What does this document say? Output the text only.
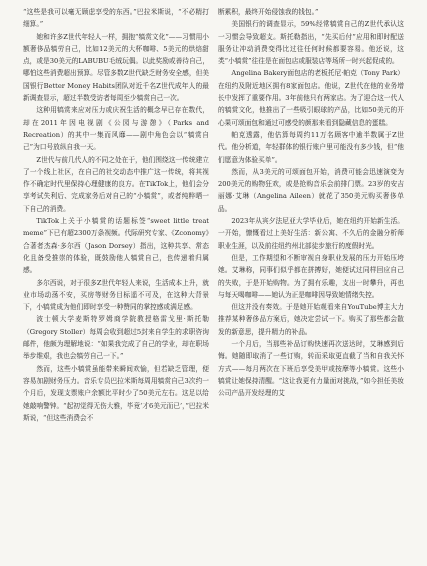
“这些是我可以毫无顾虑享受的东西。”巴拉米斯说，“不必精打细算。”

她和许多Z世代年轻人一样，拥抱“犒赏文化”——习惯用小额奢侈品犒劳自己，比如12美元的大杯咖啡、5美元的烘焙甜点，或是30美元的LABUBU毛绒玩偶。以此奖励或善待自己，哪怕这些消费超出预算。尽管多数Z世代缺乏财务安全感，但美国银行Better Money Habits团队对近千名Z世代成年人的最新调查显示，超过半数受访者每周至少犒赏自己一次。

这种用犒赏来应对压力或庆祝生活的概念早已存在数代，却在2011年因电视剧《公园与游憩》（Parks and Recreation）的其中一集而风靡——剧中角色会以“犒赏自己”为口号放纵自我一天。

Z世代与前几代人的不同之处在于，他们围绕这一传统建立了一个线上社区，在自己的社交动态中推广这一传统，将其视作不确定时代里保持心理健康的良方。在TikTok上，他们会分享考试失利后、完成家务后对自己的“小犒赏”，或者纯粹晒一下自己的消费。

TikTok上关于小犒赏的话题标签“sweet little treat meme”下已有超2300万条视频。代际研究专家、《Zconomy》合著者杰森·多尔西（Jason Dorsey）指出，这种共享、常态化且备受推崇的体验，既鼓励他人犒赏自己，也传递着归属感。

多尔西说，对于很多Z世代年轻人来说，生活成本上升，就业市场动荡不安，买房等财务目标遥不可及，在这种大背景下，小犒赏成为他们即时享受一种赞同的掌控感或满足感。

波士顿大学麦斯特罗姆商学院教授格雷戈里·斯托勒（Gregory Stoller）每周会收到超过5封来自学生的求职咨询邮件，他颇为理解地说：“如果我完成了自己的学业，却在职场举步维艰，我也会犒劳自己一下。”

然而，这些小犒赏虽能带来瞬间欢愉，但若缺乏管理，便容易加剧财务压力。音乐专员巴拉米斯每周用犒赏自己3次约一个月后，发现支票账户余额比平时少了50美元左右。这足以给她敲响警钟。“起初觉得无伤大雅，毕竟‘才6美元而已’，”巴拉米斯说，“但这些消费会不

断累积，最终开始侵蚀我的钱包。”

美国银行的调查显示，59%经常犒赏自己的Z世代承认这一习惯会导致超支。斯托勒指出，“先买后付”应用和即时配送服务让冲动消费变得比过往任何时候都要容易。他还说，这类“小犒赏”往往是在面包店或服装店等场所一时兴起促成的。

Angelina Bakery面包店的老板托尼·帕克（Tony Park）在纽约及附近地区拥有8家面包店。他说，Z世代在他的业务增长中发挥了重要作用。3年前他只有两家店。为了迎合这一代人的犒赏文化，他推出了一些吸引眼球的产品，比如50美元的开心果可颂面包和通过可感受的颜那来看到隐藏信息的蛋糕。

帕克透露，他估算每周约11万名顾客中逾半数属于Z世代。他分析道，年轻群体的银行账户里可能没有多少钱，但“他们愿意为体验买单”。

然而，从3美元的可颂面包开始，消费可能会迅速演变为200美元的购物狂欢，或是抢购音乐会前排门票。23岁的安吉丽娜·艾琳（Angelina Aileen）就花了350美元购买奢侈单品。

2023年从宾夕法尼亚大学毕业后，她在纽约开始新生活。一开始，慷慨看过上美好生活：新公寓、不久后的金融分析师职业生涯，以及前往纽约州北部徒步旅行的度假时光。

但是，工作期望和不断审视自身职业发展的压力开始压垮她。艾琳称，同事们似乎都在拼搏好，她便试过同样回应自己的失败，于是开始购物。为了拥有乐趣，支出一时攀升，再也与每天喝咖啡——她认为正是咖啡因导致她情绪失控。

但这并没有奏效。于是她开始观看来自YouTube博主大力推荐某种奢侈品方案后，她决定尝试一下。购买了那些都会散发的新意思，提升精力的补品。

一个月后，当那些补品订购快速再次送达时，艾琳感到后悔。她随即取消了一些订购，转而采取更直截了当和自我关怀方式——每月两次在下班后享受美甲或按摩等小犒赏。这些小犒赏让她保持清醒。“这让我更有力量面对挑战，”如今担任美妆公司产品开发经理的艾
